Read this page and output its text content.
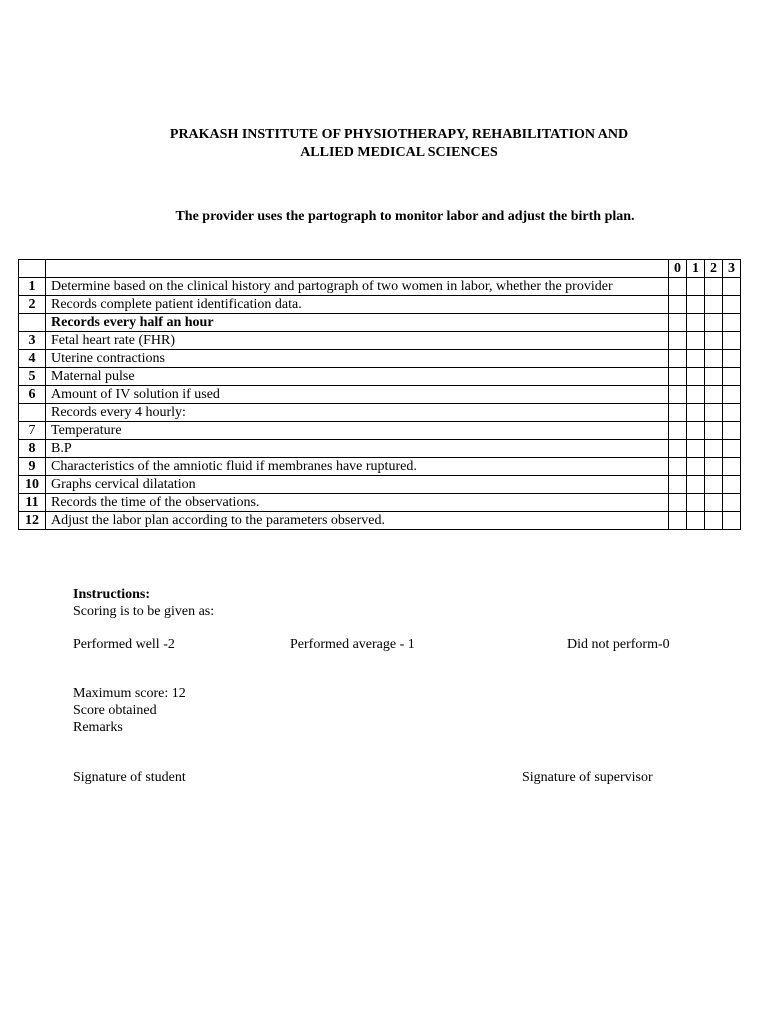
PRAKASH INSTITUTE OF PHYSIOTHERAPY, REHABILITATION AND
ALLIED MEDICAL SCIENCES
The provider uses the partograph to monitor labor and adjust the birth plan.
		0	1	2	3
1	Determine based on the clinical history and partograph of two women in labor, whether the provider				
2	Records complete patient identification data.				
	Records every half an hour				
3	Fetal heart rate (FHR)				
4	Uterine contractions				
5	Maternal pulse				
6	Amount of IV solution if used				
	Records every 4 hourly:				
7	Temperature				
8	B.P				
9	Characteristics of the amniotic fluid if membranes have ruptured.				
10	Graphs cervical dilatation				
11	Records the time of the observations.				
12	Adjust the labor plan according to the parameters observed.				
Instructions:
Scoring is to be given as:
Performed well -2	Performed average - 1	Did not perform-0
Maximum score: 12
Score obtained
Remarks
Signature of student	Signature of supervisor
